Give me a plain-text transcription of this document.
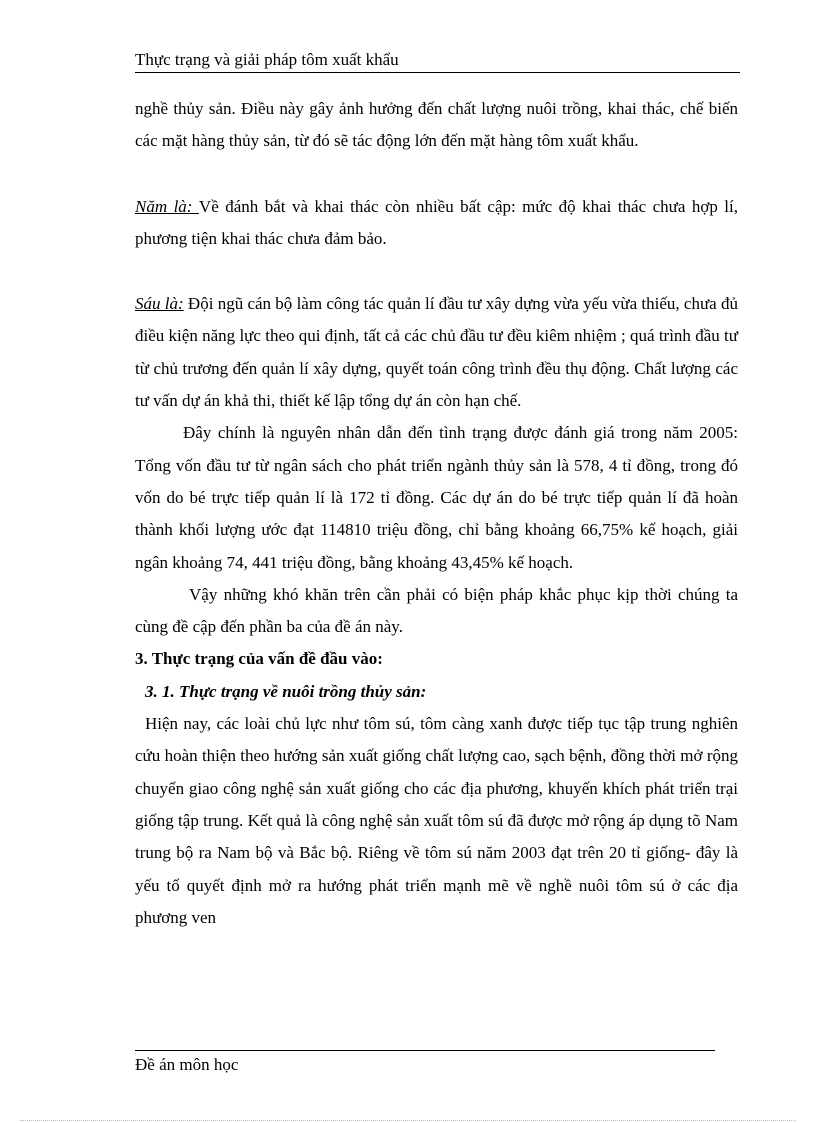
Thực trạng và giải pháp tôm xuất khẩu

nghề thủy sản. Điều này gây ảnh hưởng đến chất lượng nuôi trồng, khai thác, chế biến các mặt hàng thủy sản, từ đó sẽ tác động lớn đến mặt hàng tôm xuất khẩu.

Năm là: Về đánh bắt và khai thác còn nhiều bất cập: mức độ khai thác chưa hợp lí, phương tiện khai thác chưa đảm bảo.

Sáu là: Đội ngũ cán bộ làm công tác quản lí đầu tư xây dựng vừa yếu vừa thiếu, chưa đủ điều kiện năng lực theo qui định, tất cả các chủ đầu tư đều kiêm nhiệm ; quá trình đầu tư từ chủ trương đến quản lí xây dựng, quyết toán công trình đều thụ động. Chất lượng các tư vấn dự án khả thi, thiết kế lập tổng dự án còn hạn chế.

Đây chính là nguyên nhân dẫn đến tình trạng được đánh giá trong năm 2005: Tổng vốn đầu tư từ ngân sách cho phát triển ngành thủy sản là 578, 4 tỉ đồng, trong đó vốn do bé trực tiếp quản lí là 172 tỉ đồng. Các dự án do bé trực tiếp quản lí đã hoàn thành khối lượng ước đạt 114810 triệu đồng, chỉ bằng khoảng 66,75% kế hoạch, giải ngân khoảng 74, 441 triệu đồng, bằng khoảng 43,45% kế hoạch.

Vậy những khó khăn trên cần phải có biện pháp khắc phục kịp thời chúng ta cùng đề cập đến phần ba của đề án này.

3. Thực trạng của vấn đề đầu vào:

3. 1. Thực trạng về nuôi trồng thủy sản:

Hiện nay, các loài chủ lực như tôm sú, tôm càng xanh được tiếp tục tập trung nghiên cứu hoàn thiện theo hướng sản xuất giống chất lượng cao, sạch bệnh, đồng thời mở rộng chuyển giao công nghệ sản xuất giống cho các địa phương, khuyến khích phát triển trại giống tập trung. Kết quả là công nghệ sản xuất tôm sú đã được mở rộng áp dụng tõ Nam trung bộ ra Nam bộ và Bắc bộ. Riêng về tôm sú năm 2003 đạt trên 20 tỉ giống- đây là yếu tố quyết định mở ra hướng phát triển mạnh mẽ về nghề nuôi tôm sú ở các địa phương ven

Đề án môn học
